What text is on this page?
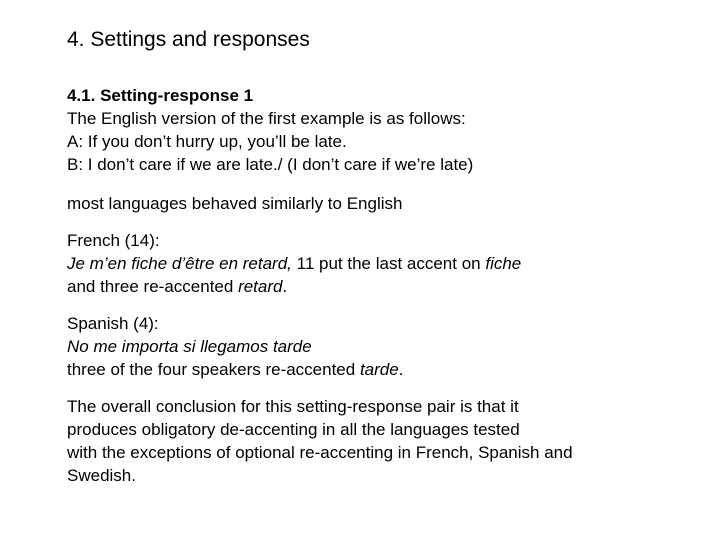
4. Settings and responses
4.1. Setting-response 1
The English version of the first example is as follows:
A: If you don’t hurry up, you’ll be late.
B: I don’t care if we are late./ (I don’t care if we’re late)
most languages behaved similarly to English
French (14):
Je m’en fiche d’être en retard, 11 put the last accent on fiche
and three re-accented retard.
Spanish (4):
No me importa si llegamos tarde
three of the four speakers re-accented tarde.
The overall conclusion for this setting-response pair is that it
produces obligatory de-accenting in all the languages tested
with the exceptions of optional re-accenting in French, Spanish and
Swedish.
